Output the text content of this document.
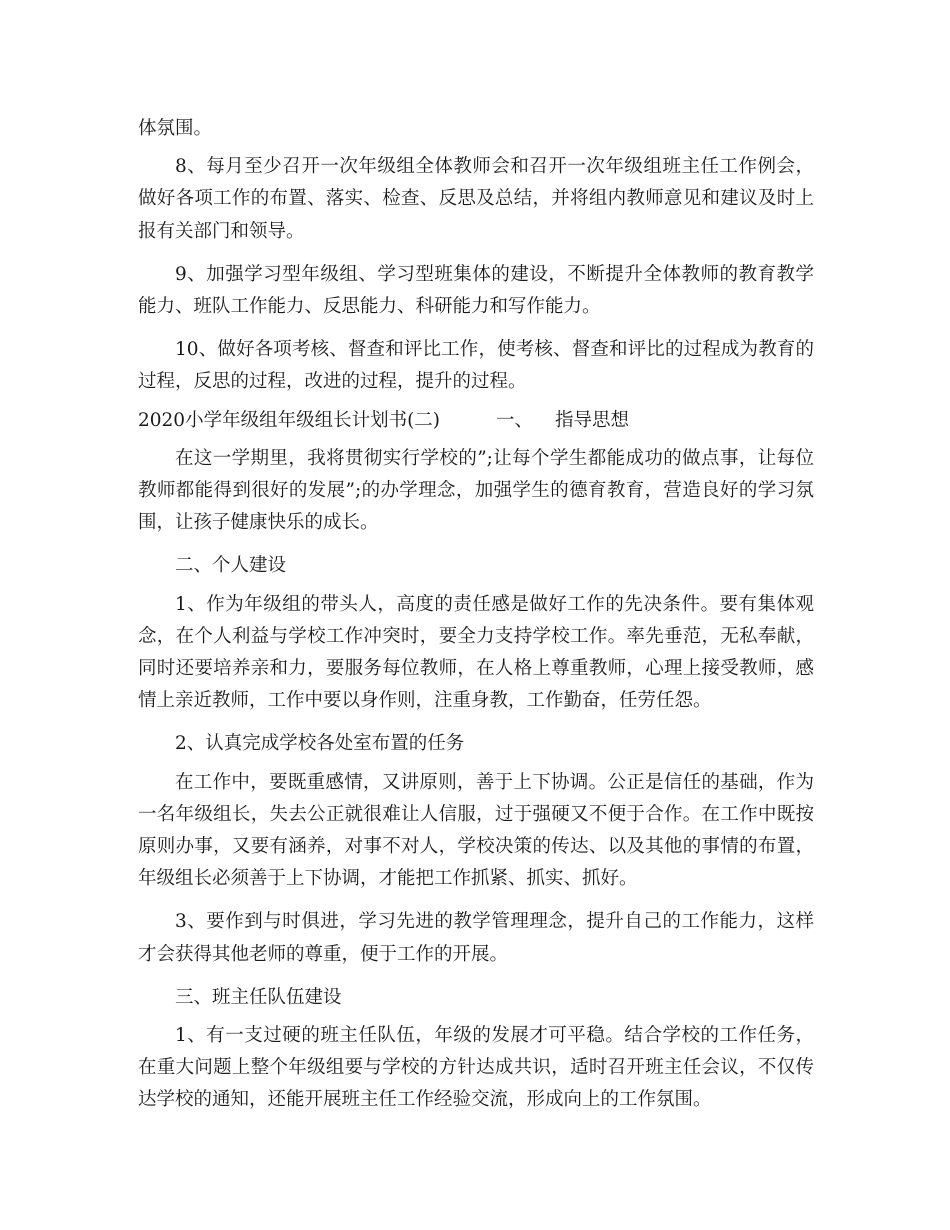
体氛围。

8、每月至少召开一次年级组全体教师会和召开一次年级组班主任工作例会，做好各项工作的布置、落实、检查、反思及总结，并将组内教师意见和建议及时上报有关部门和领导。

9、加强学习型年级组、学习型班集体的建设，不断提升全体教师的教育教学能力、班队工作能力、反思能力、科研能力和写作能力。

10、做好各项考核、督查和评比工作，使考核、督查和评比的过程成为教育的过程，反思的过程，改进的过程，提升的过程。

2020小学年级组年级组长计划书(二)	一、 指导思想

在这一学期里，我将贯彻实行学校的”;让每个学生都能成功的做点事，让每位教师都能得到很好的发展”;的办学理念，加强学生的德育教育，营造良好的学习氛围，让孩子健康快乐的成长。

二、个人建设

1、作为年级组的带头人，高度的责任感是做好工作的先决条件。要有集体观念，在个人利益与学校工作冲突时，要全力支持学校工作。率先垂范，无私奉献，同时还要培养亲和力，要服务每位教师，在人格上尊重教师，心理上接受教师，感情上亲近教师，工作中要以身作则，注重身教，工作勤奋，任劳任怨。

2、认真完成学校各处室布置的任务

在工作中，要既重感情，又讲原则，善于上下协调。公正是信任的基础，作为一名年级组长，失去公正就很难让人信服，过于强硬又不便于合作。在工作中既按原则办事，又要有涵养，对事不对人，学校决策的传达、以及其他的事情的布置，年级组长必须善于上下协调，才能把工作抓紧、抓实、抓好。

3、要作到与时俱进，学习先进的教学管理理念，提升自己的工作能力，这样才会获得其他老师的尊重，便于工作的开展。

三、班主任队伍建设

1、有一支过硬的班主任队伍，年级的发展才可平稳。结合学校的工作任务，在重大问题上整个年级组要与学校的方针达成共识，适时召开班主任会议，不仅传达学校的通知，还能开展班主任工作经验交流，形成向上的工作氛围。
